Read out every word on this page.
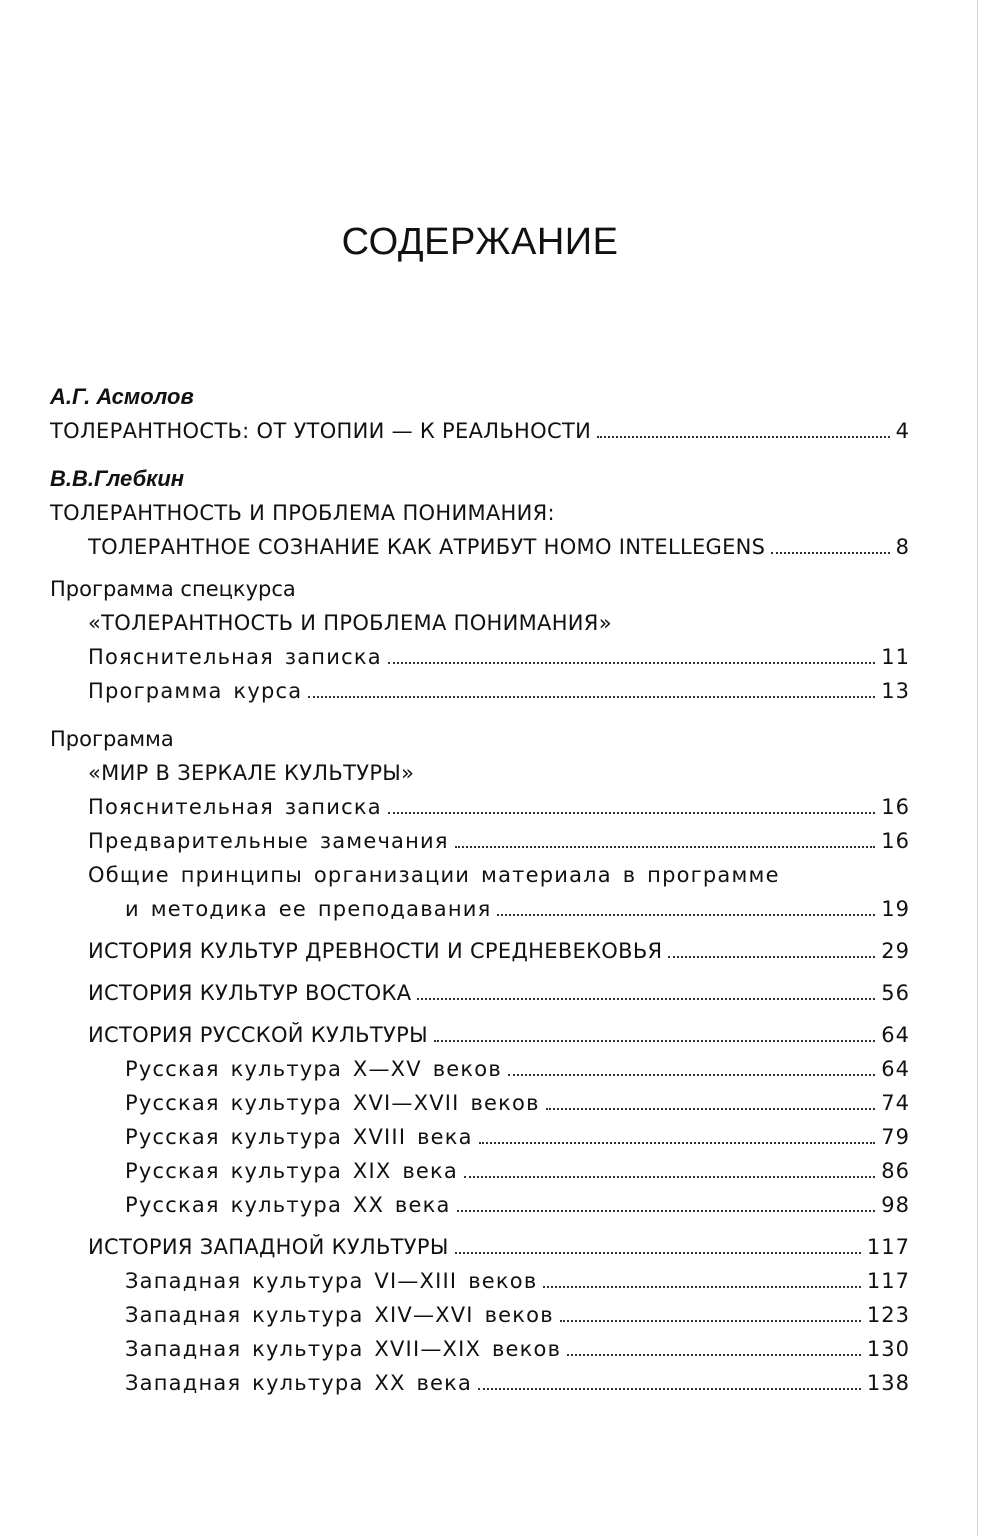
СОДЕРЖАНИЕ
А.Г. Асмолов
ТОЛЕРАНТНОСТЬ: ОТ УТОПИИ — К РЕАЛЬНОСТИ	4
В.В.Глебкин
ТОЛЕРАНТНОСТЬ И ПРОБЛЕМА ПОНИМАНИЯ:
ТОЛЕРАНТНОЕ СОЗНАНИЕ КАК АТРИБУТ HOMO INTELLEGENS	8
Программа спецкурса
«ТОЛЕРАНТНОСТЬ И ПРОБЛЕМА ПОНИМАНИЯ»
Пояснительная записка	11
Программа курса	13
Программа
«МИР В ЗЕРКАЛЕ КУЛЬТУРЫ»
Пояснительная записка	16
Предварительные замечания	16
Общие принципы организации материала в программе
и методика ее преподавания	19
ИСТОРИЯ КУЛЬТУР ДРЕВНОСТИ И СРЕДНЕВЕКОВЬЯ	29
ИСТОРИЯ КУЛЬТУР ВОСТОКА	56
ИСТОРИЯ РУССКОЙ КУЛЬТУРЫ	64
Русская культура X—XV веков	64
Русская культура XVI—XVII веков	74
Русская культура XVIII века	79
Русская культура XIX века	86
Русская культура XX века	98
ИСТОРИЯ ЗАПАДНОЙ КУЛЬТУРЫ	117
Западная культура VI—XIII веков	117
Западная культура XIV—XVI веков	123
Западная культура XVII—XIX веков	130
Западная культура XX века	138
